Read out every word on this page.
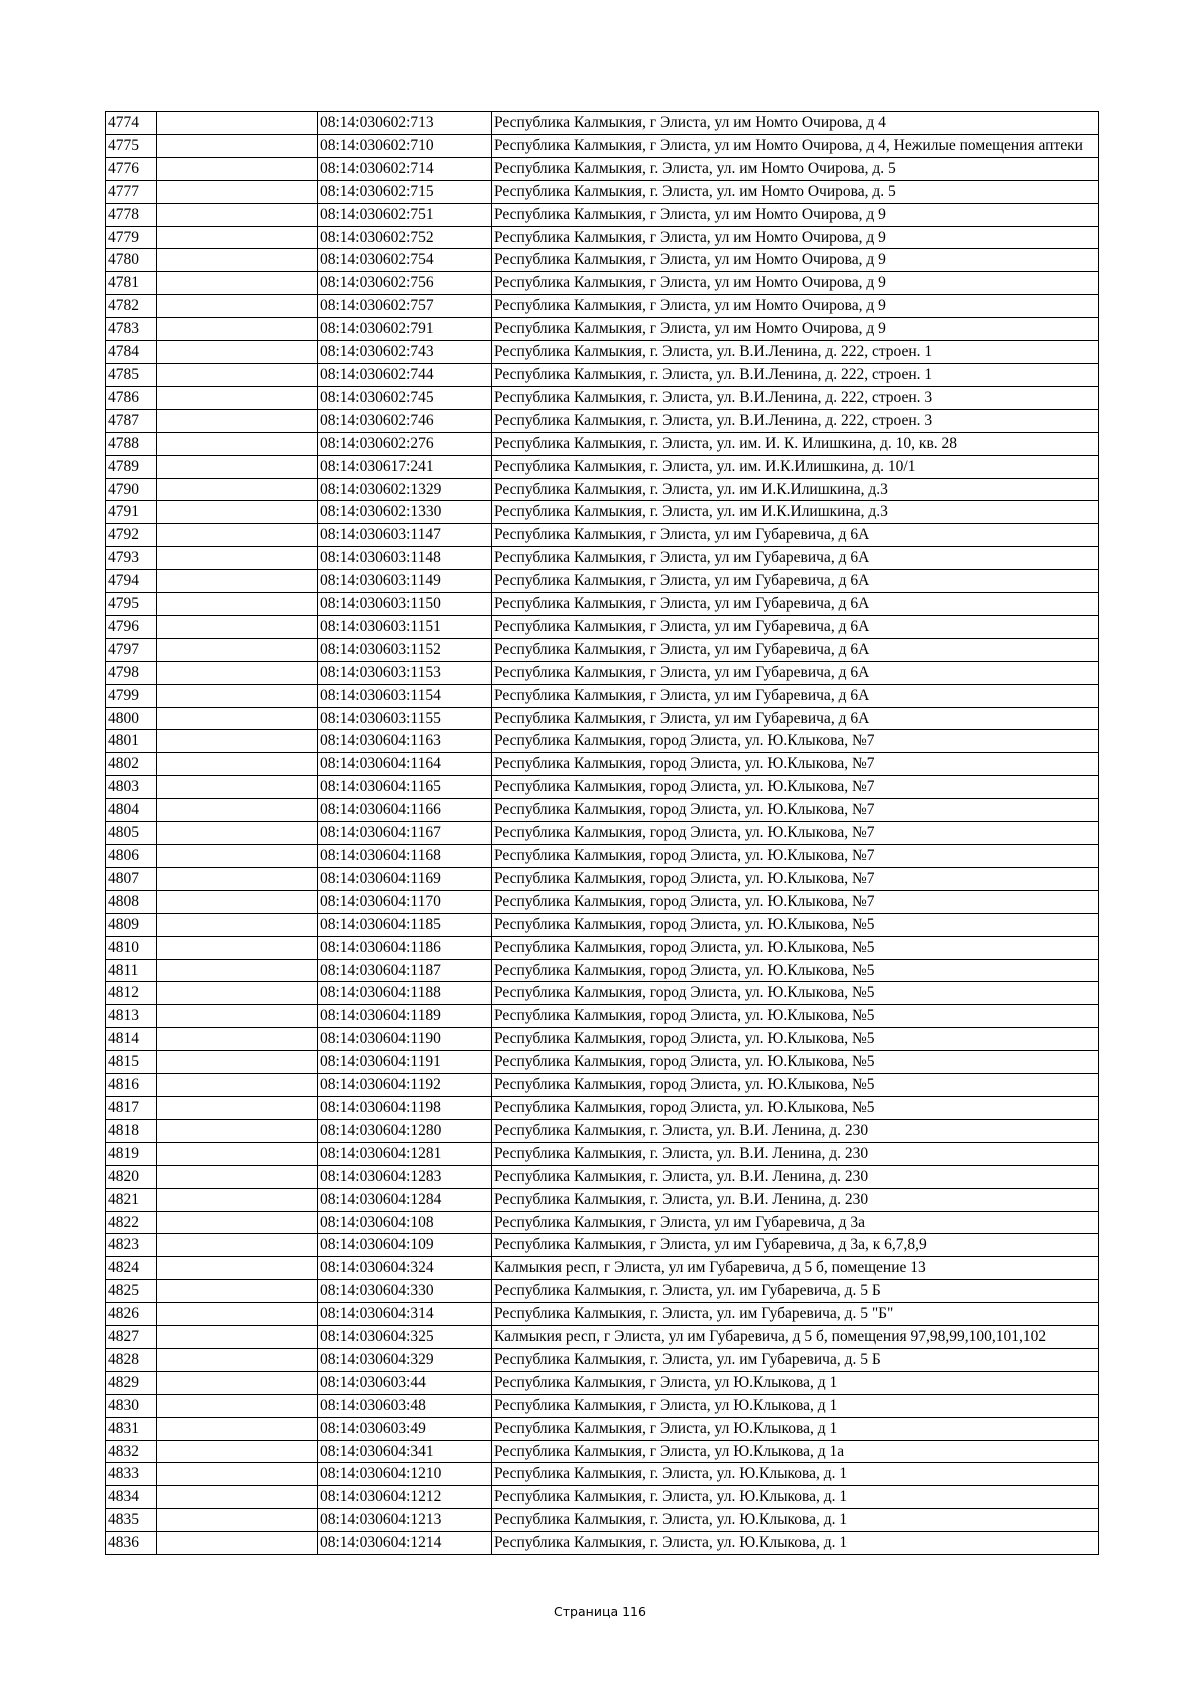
4774		08:14:030602:713	Республика Калмыкия, г Элиста, ул им Номто Очирова, д 4
4775		08:14:030602:710	Республика Калмыкия, г Элиста, ул им Номто Очирова, д 4, Нежилые помещения аптеки
4776		08:14:030602:714	Республика Калмыкия, г. Элиста, ул. им Номто Очирова, д. 5
4777		08:14:030602:715	Республика Калмыкия, г. Элиста, ул. им Номто Очирова, д. 5
4778		08:14:030602:751	Республика Калмыкия, г Элиста, ул им Номто Очирова, д 9
4779		08:14:030602:752	Республика Калмыкия, г Элиста, ул им Номто Очирова, д 9
4780		08:14:030602:754	Республика Калмыкия, г Элиста, ул им Номто Очирова, д 9
4781		08:14:030602:756	Республика Калмыкия, г Элиста, ул им Номто Очирова, д 9
4782		08:14:030602:757	Республика Калмыкия, г Элиста, ул им Номто Очирова, д 9
4783		08:14:030602:791	Республика Калмыкия, г Элиста, ул им Номто Очирова, д 9
4784		08:14:030602:743	Республика Калмыкия, г. Элиста, ул. В.И.Ленина, д. 222, строен. 1
4785		08:14:030602:744	Республика Калмыкия, г. Элиста, ул. В.И.Ленина, д. 222, строен. 1
4786		08:14:030602:745	Республика Калмыкия, г. Элиста, ул. В.И.Ленина, д. 222, строен. 3
4787		08:14:030602:746	Республика Калмыкия, г. Элиста, ул. В.И.Ленина, д. 222, строен. 3
4788		08:14:030602:276	Республика Калмыкия, г. Элиста, ул. им. И. К. Илишкина, д. 10, кв. 28
4789		08:14:030617:241	Республика Калмыкия, г. Элиста, ул. им. И.К.Илишкина, д. 10/1
4790		08:14:030602:1329	Республика Калмыкия, г. Элиста, ул. им И.К.Илишкина, д.3
4791		08:14:030602:1330	Республика Калмыкия, г. Элиста, ул. им И.К.Илишкина, д.3
4792		08:14:030603:1147	Республика Калмыкия, г Элиста, ул им Губаревича, д 6А
4793		08:14:030603:1148	Республика Калмыкия, г Элиста, ул им Губаревича, д 6А
4794		08:14:030603:1149	Республика Калмыкия, г Элиста, ул им Губаревича, д 6А
4795		08:14:030603:1150	Республика Калмыкия, г Элиста, ул им Губаревича, д 6А
4796		08:14:030603:1151	Республика Калмыкия, г Элиста, ул им Губаревича, д 6А
4797		08:14:030603:1152	Республика Калмыкия, г Элиста, ул им Губаревича, д 6А
4798		08:14:030603:1153	Республика Калмыкия, г Элиста, ул им Губаревича, д 6А
4799		08:14:030603:1154	Республика Калмыкия, г Элиста, ул им Губаревича, д 6А
4800		08:14:030603:1155	Республика Калмыкия, г Элиста, ул им Губаревича, д 6А
4801		08:14:030604:1163	Республика Калмыкия, город Элиста, ул. Ю.Клыкова, №7
4802		08:14:030604:1164	Республика Калмыкия, город Элиста, ул. Ю.Клыкова, №7
4803		08:14:030604:1165	Республика Калмыкия, город Элиста, ул. Ю.Клыкова, №7
4804		08:14:030604:1166	Республика Калмыкия, город Элиста, ул. Ю.Клыкова, №7
4805		08:14:030604:1167	Республика Калмыкия, город Элиста, ул. Ю.Клыкова, №7
4806		08:14:030604:1168	Республика Калмыкия, город Элиста, ул. Ю.Клыкова, №7
4807		08:14:030604:1169	Республика Калмыкия, город Элиста, ул. Ю.Клыкова, №7
4808		08:14:030604:1170	Республика Калмыкия, город Элиста, ул. Ю.Клыкова, №7
4809		08:14:030604:1185	Республика Калмыкия, город Элиста, ул. Ю.Клыкова, №5
4810		08:14:030604:1186	Республика Калмыкия, город Элиста, ул. Ю.Клыкова, №5
4811		08:14:030604:1187	Республика Калмыкия, город Элиста, ул. Ю.Клыкова, №5
4812		08:14:030604:1188	Республика Калмыкия, город Элиста, ул. Ю.Клыкова, №5
4813		08:14:030604:1189	Республика Калмыкия, город Элиста, ул. Ю.Клыкова, №5
4814		08:14:030604:1190	Республика Калмыкия, город Элиста, ул. Ю.Клыкова, №5
4815		08:14:030604:1191	Республика Калмыкия, город Элиста, ул. Ю.Клыкова, №5
4816		08:14:030604:1192	Республика Калмыкия, город Элиста, ул. Ю.Клыкова, №5
4817		08:14:030604:1198	Республика Калмыкия, город Элиста, ул. Ю.Клыкова, №5
4818		08:14:030604:1280	Республика Калмыкия, г. Элиста, ул. В.И. Ленина, д. 230
4819		08:14:030604:1281	Республика Калмыкия, г. Элиста, ул. В.И. Ленина, д. 230
4820		08:14:030604:1283	Республика Калмыкия, г. Элиста, ул. В.И. Ленина, д. 230
4821		08:14:030604:1284	Республика Калмыкия, г. Элиста, ул. В.И. Ленина, д. 230
4822		08:14:030604:108	Республика Калмыкия, г Элиста, ул им Губаревича, д 3а
4823		08:14:030604:109	Республика Калмыкия, г Элиста, ул им Губаревича, д 3а, к 6,7,8,9
4824		08:14:030604:324	Калмыкия респ, г Элиста, ул им Губаревича, д 5 б, помещение 13
4825		08:14:030604:330	Республика Калмыкия, г. Элиста, ул. им Губаревича, д. 5 Б
4826		08:14:030604:314	Республика Калмыкия, г. Элиста, ул. им Губаревича, д. 5 "Б"
4827		08:14:030604:325	Калмыкия респ, г Элиста, ул им Губаревича, д 5 б, помещения 97,98,99,100,101,102
4828		08:14:030604:329	Республика Калмыкия, г. Элиста, ул. им Губаревича, д. 5 Б
4829		08:14:030603:44	Республика Калмыкия, г Элиста, ул Ю.Клыкова, д 1
4830		08:14:030603:48	Республика Калмыкия, г Элиста, ул Ю.Клыкова, д 1
4831		08:14:030603:49	Республика Калмыкия, г Элиста, ул Ю.Клыкова, д 1
4832		08:14:030604:341	Республика Калмыкия, г Элиста, ул Ю.Клыкова, д 1а
4833		08:14:030604:1210	Республика Калмыкия, г. Элиста, ул. Ю.Клыкова, д. 1
4834		08:14:030604:1212	Республика Калмыкия, г. Элиста, ул. Ю.Клыкова, д. 1
4835		08:14:030604:1213	Республика Калмыкия, г. Элиста, ул. Ю.Клыкова, д. 1
4836		08:14:030604:1214	Республика Калмыкия, г. Элиста, ул. Ю.Клыкова, д. 1
Страница 116
